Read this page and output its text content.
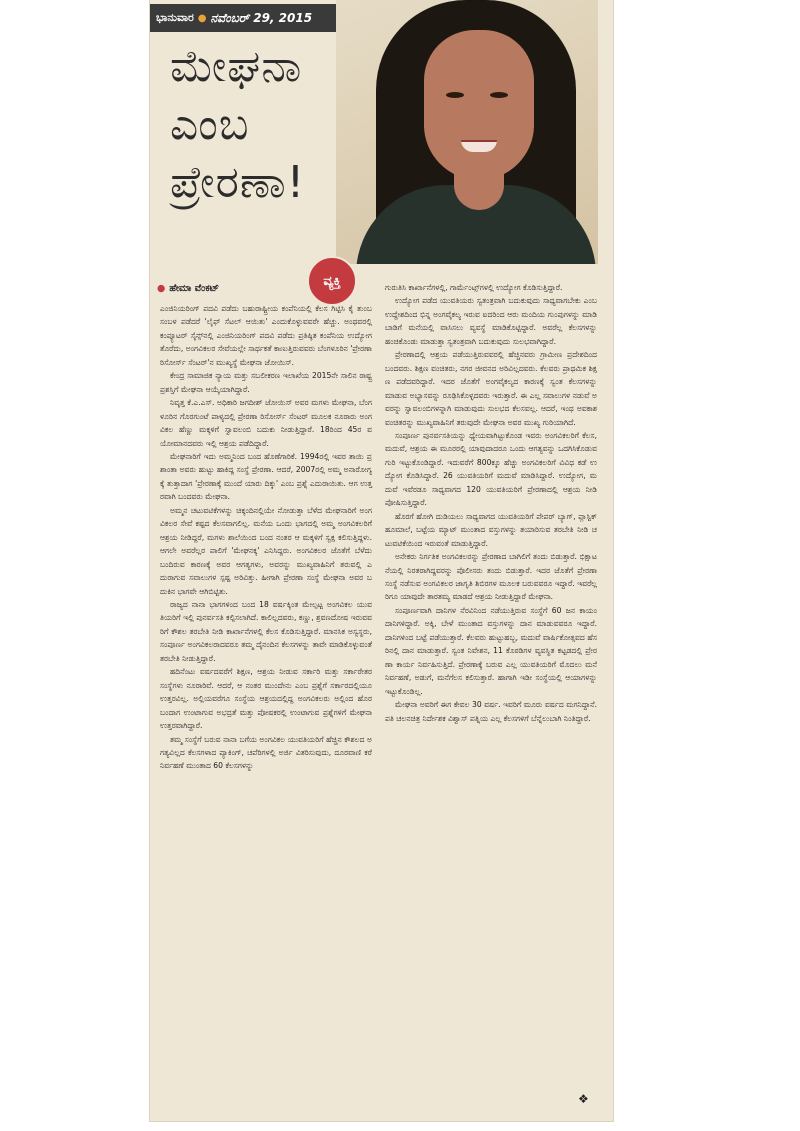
ಭಾನುವಾರ ● ನವೆಂಬರ್ 29, 2015
ಮೇಘನಾ
ಎಂಬ
ಪ್ರೇರಣಾ!
ವ್ಯಕ್ತಿ
● ಹೇಮಾ ವೆಂಕಟ್

ಎಂಜಿನಿಯರಿಂಗ್ ಪದವಿ ಪಡೆದು ಬಹುರಾಷ್ಟ್ರೀಯ ಕಂಪೆನಿಯಲ್ಲಿ ಕೆಲಸ ಗಿಟ್ಟಿಸಿ ಕೈ ತುಂಬ ಸಂಬಳ ಪಡೆದರೆ 'ಲೈಫ್ ಸೆಟಲ್ ಆಯಿತು' ಎಂದುಕೊಳ್ಳುವವರೇ ಹೆಚ್ಚು. ಅಂಥವರಲ್ಲಿ ಕಂಪ್ಯೂಟರ್ ಸೈನ್ಸ್‌ನಲ್ಲಿ ಎಂಜಿನಿಯರಿಂಗ್ ಪದವಿ ಪಡೆದು ಪ್ರತಿಷ್ಠಿತ ಕಂಪೆನಿಯ ಉದ್ಯೋಗ ತೊರೆದು, ಅಂಗವಿಕಲರ ಸೇವೆಯಲ್ಲೇ ಸಾರ್ಥಕತೆ ಕಾಣುತ್ತಿರುವವರು ಬೆಂಗಳೂರಿನ 'ಪ್ರೇರಣಾ ರಿಸೋರ್ಸ್ ಸೆಂಟರ್'ನ ಮುಖ್ಯಸ್ಥೆ ಮೇಘನಾ ಜೋಯಿಸ್.

ಕೇಂದ್ರ ಸಾಮಾಜಿಕ ನ್ಯಾಯ ಮತ್ತು ಸಬಲೀಕರಣ ಇಲಾಖೆಯ 2015ನೇ ಸಾಲಿನ ರಾಷ್ಟ್ರ ಪ್ರಶಸ್ತಿಗೆ ಮೇಘನಾ ಆಯ್ಕೆಯಾಗಿದ್ದಾರೆ.

ನಿವೃತ್ತ ಕೆ.ಎ.ಎಸ್. ಅಧಿಕಾರಿ ಜಗದೀಶ್ ಜೋಯಿಸ್ ಅವರ ಮಗಳು ಮೇಘನಾ, ಬೆಂಗಳೂರಿನ ಗೊರಗುಂಟೆ ಪಾಳ್ಯದಲ್ಲಿ ಪ್ರೇರಣಾ ರಿಸೋರ್ಸ್ ಸೆಂಟರ್ ಮೂಲಕ ನೂರಾರು ಅಂಗವಿಕಲ ಹೆಣ್ಣು ಮಕ್ಕಳಿಗೆ ಸ್ವಾವಲಂಬಿ ಬದುಕು ನೀಡುತ್ತಿದ್ದಾರೆ. 18ರಿಂದ 45ರ ವಯೋಮಾನದವರು ಇಲ್ಲಿ ಆಶ್ರಯ ಪಡೆದಿದ್ದಾರೆ.

ಮೇಘನಾರಿಗೆ ಇದು ಅಮ್ಮನಿಂದ ಬಂದ ಹೊಣೆಗಾರಿಕೆ. 1994ರಲ್ಲಿ ಇವರ ತಾಯಿ ಪ್ರಶಾಂತಾ ಅವರು ಹುಟ್ಟು ಹಾಕಿದ್ದ ಸಂಸ್ಥೆ ಪ್ರೇರಣಾ. ಆದರೆ, 2007ರಲ್ಲಿ ಅಮ್ಮ ಅನಾರೋಗ್ಯಕ್ಕೆ ತುತ್ತಾದಾಗ 'ಪ್ರೇರಣಾಕ್ಕೆ ಮುಂದೆ ಯಾರು ದಿಕ್ಕು' ಎಂಬ ಪ್ರಶ್ನೆ ಎದುರಾಯಿತು. ಆಗ ಉತ್ತರವಾಗಿ ಬಂದವರು ಮೇಘನಾ.

ಅಮ್ಮನ ಚಟುವಟಿಕೆಗಳನ್ನು ಚಿಕ್ಕಂದಿನಲ್ಲಿಯೇ ನೋಡುತ್ತಾ ಬೆಳೆದ ಮೇಘನಾರಿಗೆ ಅಂಗವಿಕಲರ ಸೇವೆ ಕಷ್ಟದ ಕೆಲಸವಾಗಲಿಲ್ಲ. ಮನೆಯ ಒಂದು ಭಾಗದಲ್ಲಿ ಅಮ್ಮ ಅಂಗವಿಕಲರಿಗೆ ಆಶ್ರಯ ನೀಡಿದ್ದರೆ, ಮಗಳು ಶಾಲೆಯಿಂದ ಬಂದ ನಂತರ ಆ ಮಕ್ಕಳಿಗೆ ಸ್ವಕ್ಷ ಕಲಿಸುತ್ತಿದ್ದಳು. ಆಗಲೇ ಅವರೆಲ್ಲರ ಪಾಲಿಗೆ 'ಮೇಘನಕ್ಕ' ಎನಿಸಿದ್ದರು. ಅಂಗವಿಕಲರ ಜೊತೆಗೆ ಬೆಳೆದು ಬಂದಿರುವ ಕಾರಣಕ್ಕೆ ಅವರ ಆಗತ್ಯಗಳು, ಅವರನ್ನು ಮುಖ್ಯವಾಹಿನಿಗೆ ತರುವಲ್ಲಿ ಎದುರಾಗುವ ಸವಾಲುಗಳ ಸ್ಪಷ್ಟ ಅರಿವಿತ್ತು. ಹೀಗಾಗಿ ಪ್ರೇರಣಾ ಸಂಸ್ಥೆ ಮೇಘನಾ ಅವರ ಬದುಕಿನ ಭಾಗವೇ ಆಗಿಬಿಟ್ಟಿತು.

ರಾಜ್ಯದ ನಾನಾ ಭಾಗಗಳಿಂದ ಬಂದ 18 ವರ್ಷಕ್ಕಿಂತ ಮೇಲ್ಪಟ್ಟ ಅಂಗವಿಕಲ ಯುವತಿಯರಿಗೆ ಇಲ್ಲಿ ಪುನರ್ವಸತಿ ಕಲ್ಪಿಸಲಾಗಿದೆ. ಕಾಲಿಲ್ಲದವರು, ಕಣ್ಣು, ಶ್ರವಣದೋಷ ಇರುವವರಿಗೆ ಕೌಶಲ ತರಬೇತಿ ನೀಡಿ ಕಾರ್ಖಾನೆಗಳಲ್ಲಿ ಕೆಲಸ ಕೊಡಿಸುತ್ತಿದ್ದಾರೆ. ಮಾನಸಿಕ ಅಸ್ವಸ್ಥರು, ಸಂಪೂರ್ಣ ಅಂಗವಿಕಲರಾದವರೂ ತಮ್ಮ ದೈನಂದಿನ ಕೆಲಸಗಳನ್ನು ತಾವೇ ಮಾಡಿಕೊಳ್ಳುವಂತೆ ತರಬೇತಿ ನೀಡುತ್ತಿದ್ದಾರೆ.

ಹದಿನೆಂಟು ವರ್ಷದವರೆಗೆ ಶಿಕ್ಷಣ, ಆಶ್ರಯ ನೀಡುವ ಸರ್ಕಾರಿ ಮತ್ತು ಸರ್ಕಾರೇತರ ಸಂಸ್ಥೆಗಳು ನೂರಾರಿವೆ. ಆದರೆ, ಆ ನಂತರ ಮುಂದೇನು ಎಂಬ ಪ್ರಶ್ನೆಗೆ ಸರ್ಕಾರದಲ್ಲಿಯೂ ಉತ್ತರವಿಲ್ಲ. ಅಲ್ಲಿಯವರೆಗೂ ಸಂಸ್ಥೆಯ ಆಶ್ರಯದಲ್ಲಿದ್ದ ಅಂಗವಿಕಲರು ಅಲ್ಲಿಂದ ಹೊರಬಂದಾಗ ಉಂಟಾಗುವ ಅಭದ್ರತೆ ಮತ್ತು ಪೋಷಕರಲ್ಲಿ ಉಂಟಾಗುವ ಪ್ರಶ್ನೆಗಳಿಗೆ ಮೇಘನಾ ಉತ್ತರವಾಗಿದ್ದಾರೆ.

ತಮ್ಮ ಸಂಸ್ಥೆಗೆ ಬರುವ ನಾನಾ ಬಗೆಯ ಅಂಗವಿಕಲ ಯುವತಿಯರಿಗೆ ಹೆಚ್ಚಿನ ಕೌಶಲದ ಅಗತ್ಯವಿಲ್ಲದ ಕೆಲಸಗಳಾದ ಪ್ಯಾಕಿಂಗ್, ಚಪೆರಿಗಳಲ್ಲಿ ಅರ್ಜಿ ವಿತರಿಸುವುದು, ದೂರವಾಣಿ ಕರೆ ನಿರ್ವಹಣೆ ಮುಂತಾದ 60 ಕೆಲಸಗಳನ್ನು

ಗುರುತಿಸಿ ಕಾರ್ಖಾನೆಗಳಲ್ಲಿ, ಗಾರ್ಮೆಂಟ್ಸ್‌ಗಳಲ್ಲಿ ಉದ್ಯೋಗ ಕೊಡಿಸುತ್ತಿದ್ದಾರೆ.

ಉದ್ಯೋಗ ಪಡೆದ ಯುವತಿಯರು ಸ್ವತಂತ್ರವಾಗಿ ಬದುಕುವುದು ಸಾಧ್ಯವಾಗಬೇಕು ಎಂಬ ಉದ್ದೇಶದಿಂದ ಭಿನ್ನ ಅಂಗವೈಕಲ್ಯ ಇರುವ ಐದರಿಂದ ಆರು ಮಂದಿಯ ಗುಂಪುಗಳನ್ನು ಮಾಡಿ ಬಾಡಿಗೆ ಮನೆಯಲ್ಲಿ ವಾಸಿಸಲು ವ್ಯವಸ್ಥೆ ಮಾಡಿಕೊಟ್ಟಿದ್ದಾರೆ. ಅವರೆಲ್ಲ ಕೆಲಸಗಳನ್ನು ಹಂಚಿಕೊಂಡು ಮಾಡುತ್ತಾ ಸ್ವತಂತ್ರವಾಗಿ ಬದುಕುವುದು ಸುಲಭವಾಗಿದ್ದಾರೆ.

ಪ್ರೇರಣಾದಲ್ಲಿ ಆಶ್ರಯ ಪಡೆಯುತ್ತಿರುವವರಲ್ಲಿ ಹೆಚ್ಚಿನವರು ಗ್ರಾಮೀಣ ಪ್ರದೇಶದಿಂದ ಬಂದವರು. ಶಿಕ್ಷಣ ವಂಚಿತರು, ನಗರ ಜೀವನದ ಅರಿವಿಲ್ಲದವರು. ಕೆಲವರು ಪ್ರಾಥಮಿಕ ಶಿಕ್ಷಣ ಪಡೆದವರಿದ್ದಾರೆ. ಇದರ ಜೊತೆಗೆ ಅಂಗವೈಕಲ್ಯದ ಕಾರಣಕ್ಕೆ ಸ್ವಂತ ಕೆಲಸಗಳನ್ನು ಮಾಡುವ ಅಭ್ಯಾಸವನ್ನು ರೂಢಿಸಿಕೊಳ್ಳದವರು ಇರುತ್ತಾರೆ. ಈ ಎಲ್ಲ ಸವಾಲುಗಳ ನಡುವೆ ಅವರನ್ನು ಸ್ವಾವಲಂಬಿಗಳನ್ನಾಗಿ ಮಾಡುವುದು ಸುಲಭದ ಕೆಲಸವಲ್ಲ. ಆದರೆ, ಇಂಥ ಅವಕಾಶ ವಂಚಿತರನ್ನು ಮುಖ್ಯವಾಹಿನಿಗೆ ತರುವುದೇ ಮೇಘನಾ ಅವರ ಮುಖ್ಯ ಗುರಿಯಾಗಿದೆ.

ಸಂಪೂರ್ಣ ಪುನರ್ವಸತಿಯನ್ನು ಧ್ಯೇಯವಾಗಿಟ್ಟುಕೊಂಡ ಇವರು ಅಂಗವಿಕಲರಿಗೆ ಕೆಲಸ, ಮದುವೆ, ಆಶ್ರಯ ಈ ಮೂರರಲ್ಲಿ ಯಾವುದಾದರೂ ಒಂದು ಆಗತ್ಯವನ್ನು ಒದಗಿಸಿಕೊಡುವ ಗುರಿ ಇಟ್ಟುಕೊಂಡಿದ್ದಾರೆ. ಇದುವರೆಗೆ 800ಕ್ಕೂ ಹೆಚ್ಚು ಅಂಗವಿಕಲರಿಗೆ ವಿವಿಧ ಕಡೆ ಉದ್ಯೋಗ ಕೊಡಿಸಿದ್ದಾರೆ. 26 ಯುವತಿಯರಿಗೆ ಮದುವೆ ಮಾಡಿಸಿದ್ದಾರೆ. ಉದ್ಯೋಗ, ಮದುವೆ ಇವೆರಡೂ ಸಾಧ್ಯವಾಗದ 120 ಯುವತಿಯರಿಗೆ ಪ್ರೇರಣಾದಲ್ಲಿ ಆಶ್ರಯ ನೀಡಿ ಪೋಷಿಸುತ್ತಿದ್ದಾರೆ.

ಹೊರಗೆ ಹೋಗಿ ದುಡಿಯಲು ಸಾಧ್ಯವಾಗದ ಯುವತಿಯರಿಗೆ ಪೇಪರ್ ಬ್ಯಾಗ್, ಪ್ಲಾಸ್ಟಿಕ್ ಹೂಮಾಲೆ, ಬಟ್ಟೆಯ ಮ್ಯಾಟ್ ಮುಂತಾದ ವಸ್ತುಗಳನ್ನು ತಯಾರಿಸುವ ತರಬೇತಿ ನೀಡಿ ಚಟುವಟಿಕೆಯಿಂದ ಇರುವಂತೆ ಮಾಡುತ್ತಿದ್ದಾರೆ.

ಅನೇಕರು ನಿರ್ಗತಿಕ ಅಂಗವಿಕಲರನ್ನು ಪ್ರೇರಣಾದ ಬಾಗಿಲಿಗೆ ತಂದು ಬಿಡುತ್ತಾರೆ. ಭಿಕ್ಷಾಟನೆಯಲ್ಲಿ ನಿರತರಾಗಿದ್ದವರನ್ನು ಪೊಲೀಸರು ತಂದು ಬಿಡುತ್ತಾರೆ. ಇದರ ಜೊತೆಗೆ ಪ್ರೇರಣಾ ಸಂಸ್ಥೆ ನಡೆಸುವ ಅಂಗವಿಕಲರ ಜಾಗೃತಿ ಶಿಬಿರಗಳ ಮೂಲಕ ಬರುವವರೂ ಇದ್ದಾರೆ. ಇವರೆಲ್ಲರಿಗೂ ಯಾವುದೇ ತಾರತಮ್ಯ ಮಾಡದೆ ಆಶ್ರಯ ನೀಡುತ್ತಿದ್ದಾರೆ ಮೇಘನಾ.

ಸಂಪೂರ್ಣವಾಗಿ ದಾನಿಗಳ ನೆರವಿನಿಂದ ನಡೆಯುತ್ತಿರುವ ಸಂಸ್ಥೆಗೆ 60 ಜನ ಕಾಯಂ ದಾನಿಗಳಿದ್ದಾರೆ. ಅಕ್ಕಿ, ಬೇಳೆ ಮುಂತಾದ ವಸ್ತುಗಳನ್ನು ದಾನ ಮಾಡುವವರೂ ಇದ್ದಾರೆ. ದಾನಿಗಳಿಂದ ಬಟ್ಟೆ ಪಡೆಯುತ್ತಾರೆ. ಕೆಲವರು ಹುಟ್ಟುಹಬ್ಬ, ಮದುವೆ ವಾರ್ಷಿಕೋತ್ಸವದ ಹೆಸರಿನಲ್ಲಿ ದಾನ ಮಾಡುತ್ತಾರೆ. ಸ್ವಂತ ನಿವೇಶನ, 11 ಕೊಠಡಿಗಳ ವ್ಯವಸ್ಥಿತ ಕಟ್ಟಡದಲ್ಲಿ ಪ್ರೇರಣಾ ಕಾರ್ಯ ನಿರ್ವಹಿಸುತ್ತಿದೆ. ಪ್ರೇರಣಾಕ್ಕೆ ಬರುವ ಎಲ್ಲ ಯುವತಿಯರಿಗೆ ಮೊದಲು ಮನೆ ನಿರ್ವಹಣೆ, ಅಡುಗೆ, ಮನೆಗೆಲಸ ಕಲಿಸುತ್ತಾರೆ. ಹಾಗಾಗಿ ಇಡೀ ಸಂಸ್ಥೆಯಲ್ಲಿ ಆಯಾಗಳನ್ನು ಇಟ್ಟುಕೊಂಡಿಲ್ಲ.

ಮೇಘನಾ ಅವರಿಗೆ ಈಗ ಕೇವಲ 30 ವರ್ಷ. ಇವರಿಗೆ ಮೂರು ವರ್ಷದ ಮಗನಿದ್ದಾನೆ. ಪತಿ ಚಲನಚಿತ್ರ ನಿರ್ದೇಶಕ ವಿಶ್ವಾಸ್ ಪತ್ನಿಯ ಎಲ್ಲ ಕೆಲಸಗಳಿಗೆ ಬೆನ್ನೆಲುಬಾಗಿ ನಿಂತಿದ್ದಾರೆ.

❖
